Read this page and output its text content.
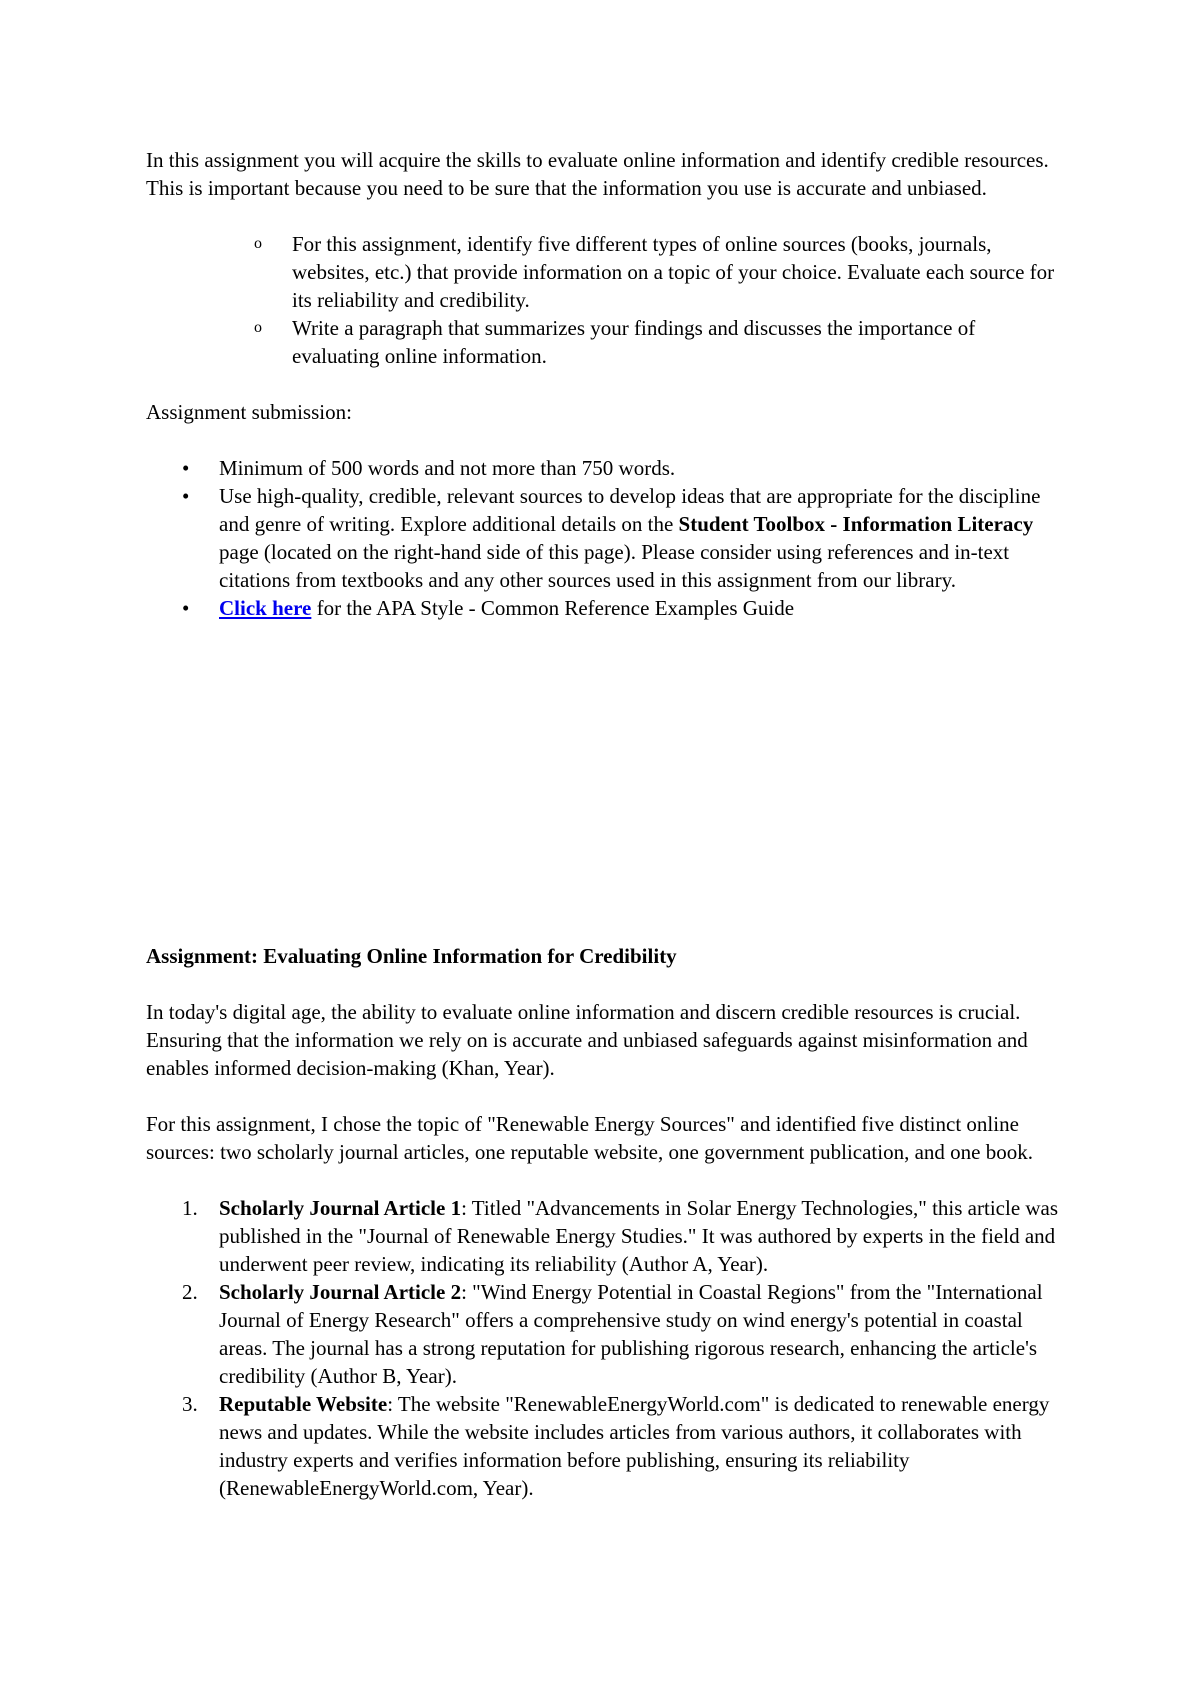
In this assignment you will acquire the skills to evaluate online information and identify credible resources. This is important because you need to be sure that the information you use is accurate and unbiased.

o For this assignment, identify five different types of online sources (books, journals, websites, etc.) that provide information on a topic of your choice. Evaluate each source for its reliability and credibility.
o Write a paragraph that summarizes your findings and discusses the importance of evaluating online information.

Assignment submission:

• Minimum of 500 words and not more than 750 words.
• Use high-quality, credible, relevant sources to develop ideas that are appropriate for the discipline and genre of writing. Explore additional details on the Student Toolbox - Information Literacy page (located on the right-hand side of this page). Please consider using references and in-text citations from textbooks and any other sources used in this assignment from our library.
• Click here for the APA Style - Common Reference Examples Guide

Assignment: Evaluating Online Information for Credibility

In today's digital age, the ability to evaluate online information and discern credible resources is crucial. Ensuring that the information we rely on is accurate and unbiased safeguards against misinformation and enables informed decision-making (Khan, Year).

For this assignment, I chose the topic of "Renewable Energy Sources" and identified five distinct online sources: two scholarly journal articles, one reputable website, one government publication, and one book.

1. Scholarly Journal Article 1: Titled "Advancements in Solar Energy Technologies," this article was published in the "Journal of Renewable Energy Studies." It was authored by experts in the field and underwent peer review, indicating its reliability (Author A, Year).
2. Scholarly Journal Article 2: "Wind Energy Potential in Coastal Regions" from the "International Journal of Energy Research" offers a comprehensive study on wind energy's potential in coastal areas. The journal has a strong reputation for publishing rigorous research, enhancing the article's credibility (Author B, Year).
3. Reputable Website: The website "RenewableEnergyWorld.com" is dedicated to renewable energy news and updates. While the website includes articles from various authors, it collaborates with industry experts and verifies information before publishing, ensuring its reliability (RenewableEnergyWorld.com, Year).
